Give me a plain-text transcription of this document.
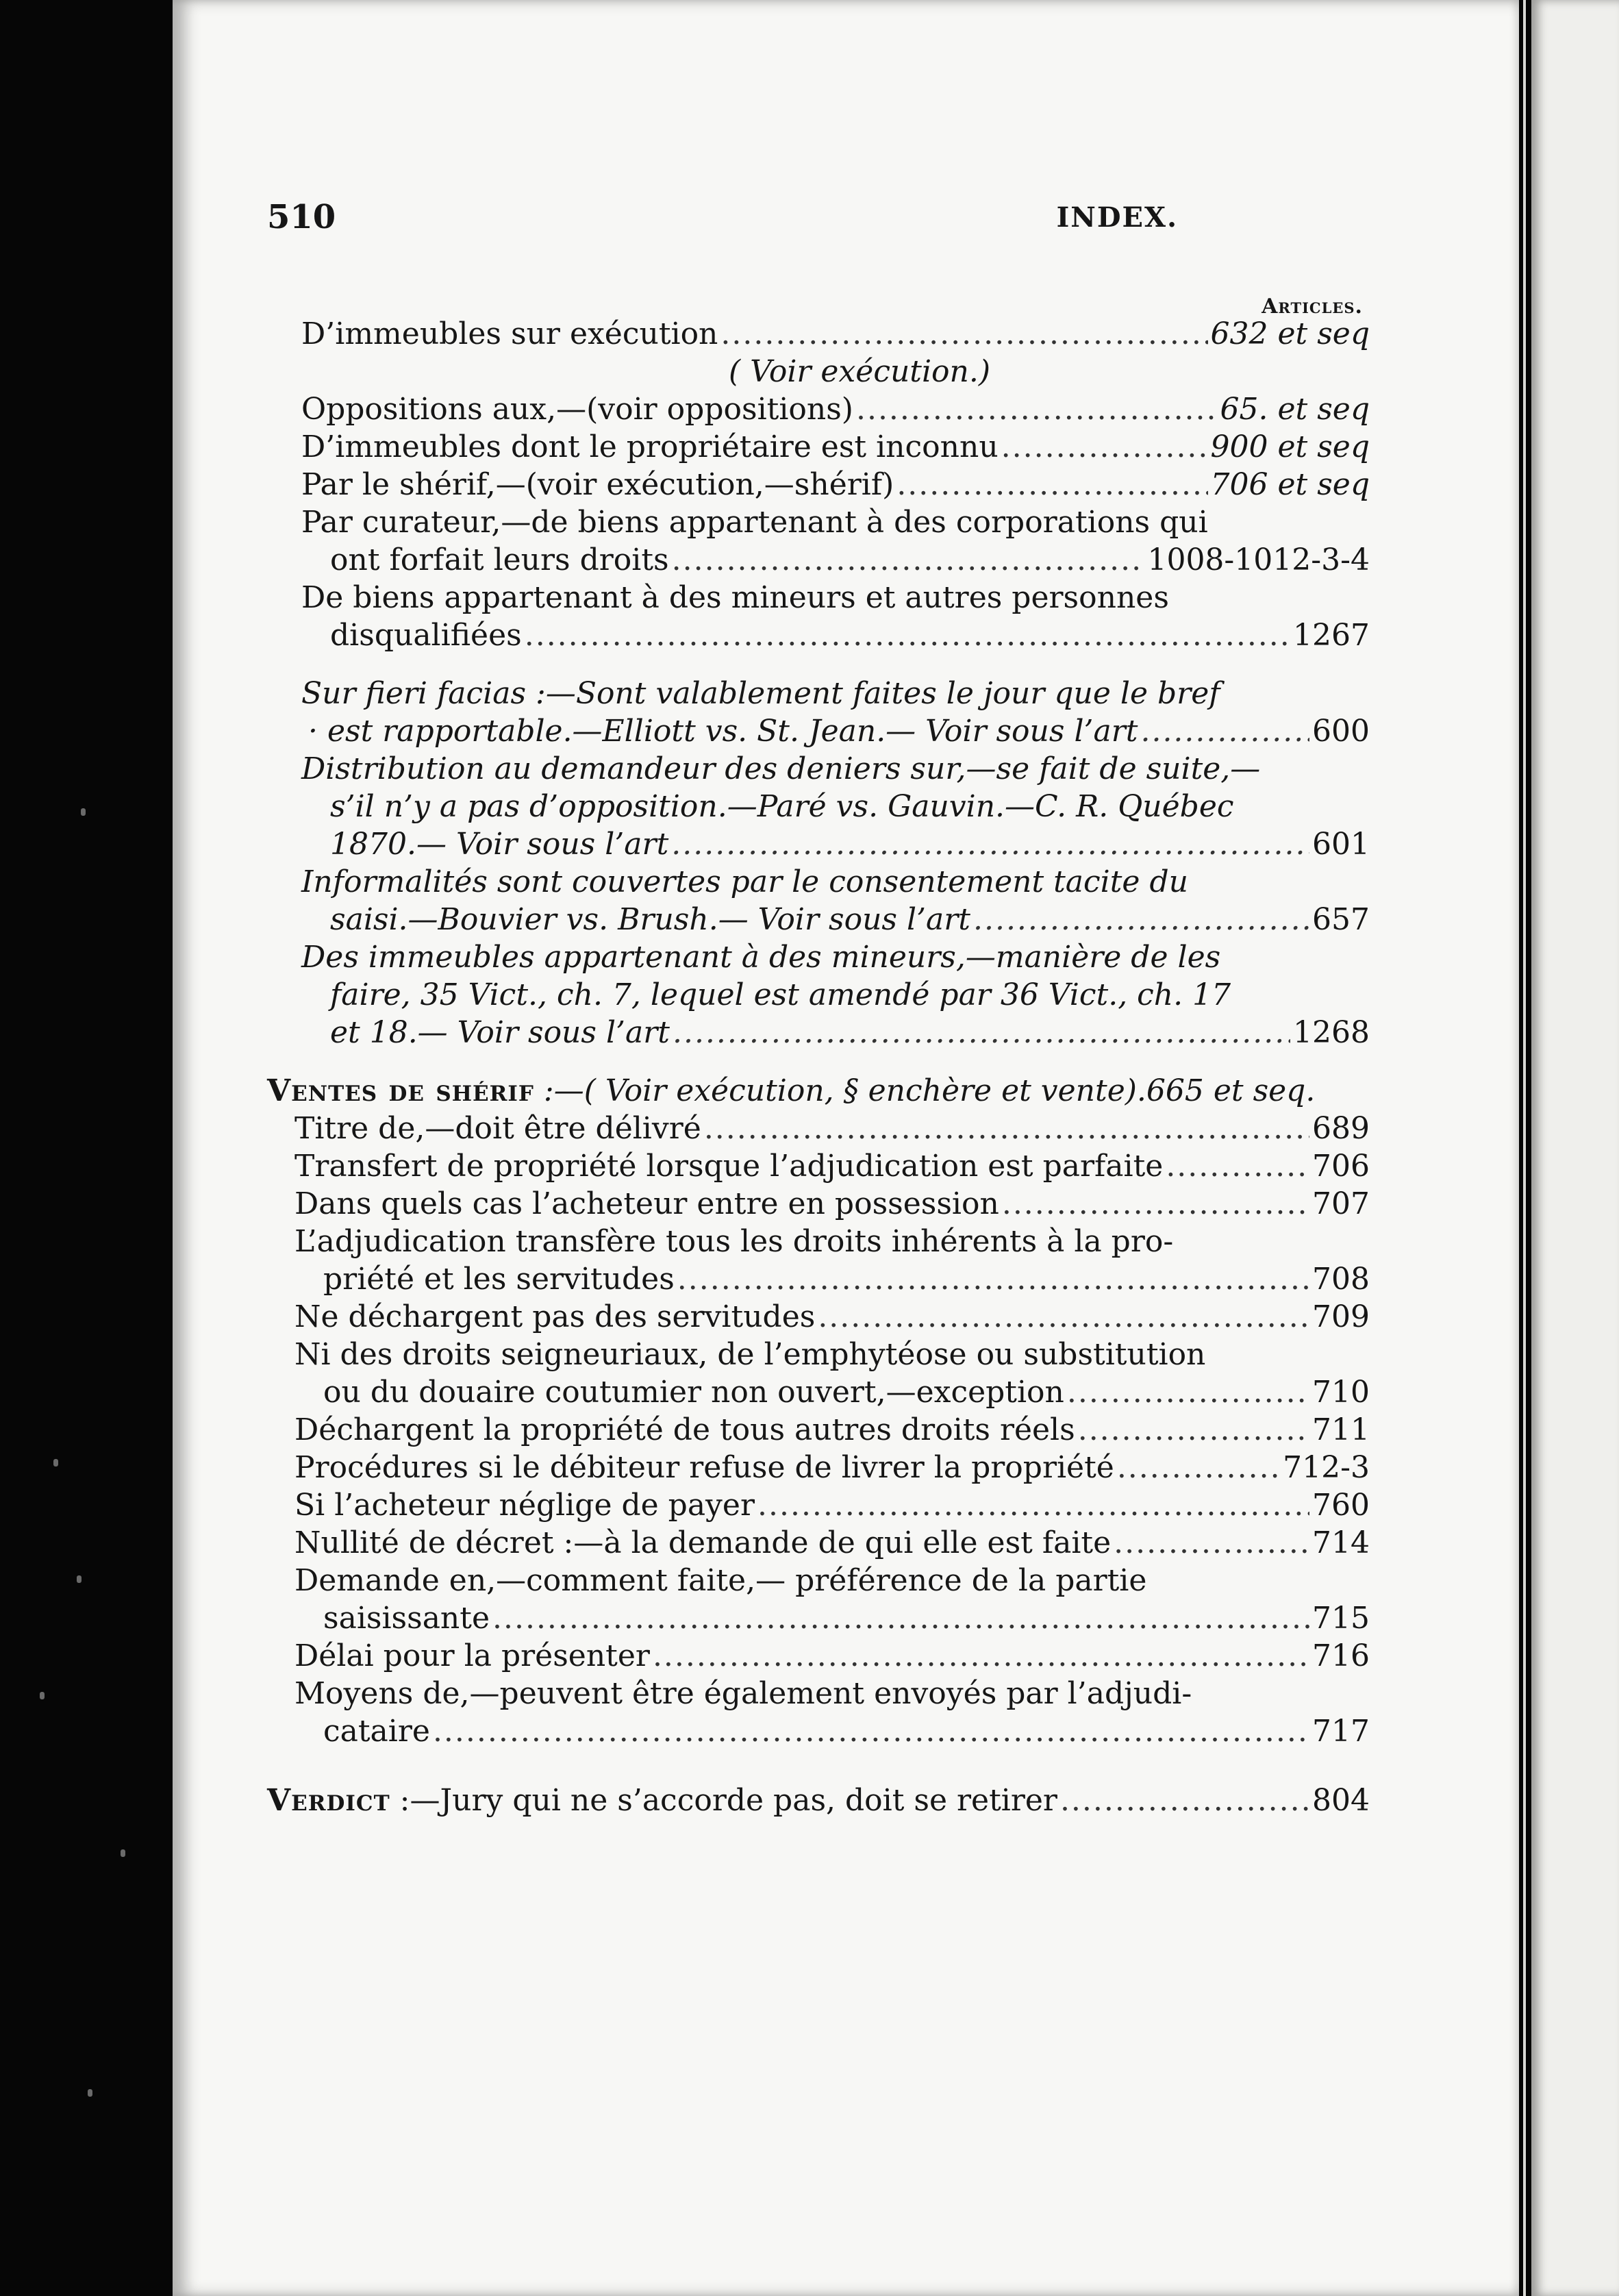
510	INDEX.
Articles.
D’immeubles sur exécution .....	632 et seq
( Voir exécution.)
Oppositions aux,—(voir oppositions) .....	65. et seq
D’immeubles dont le propriétaire est inconnu .....	900 et seq
Par le shérif,—(voir exécution,—shérif) .....	706 et seq
Par curateur,—de biens appartenant à des corporations qui
ont forfait leurs droits .....	1008-1012-3-4
De biens appartenant à des mineurs et autres personnes
disqualifiées .....	1267
Sur fieri facias :—Sont valablement faites le jour que le bref
· est rapportable.—Elliott vs. St. Jean.— Voir sous l’art .....	600
Distribution au demandeur des deniers sur,—se fait de suite,—
s’il n’y a pas d’opposition.—Paré vs. Gauvin.—C. R. Québec
1870.— Voir sous l’art .....	601
Informalités sont couvertes par le consentement tacite du
saisi.—Bouvier vs. Brush.— Voir sous l’art .....	657
Des immeubles appartenant à des mineurs,—manière de les
faire, 35 Vict., ch. 7, lequel est amendé par 36 Vict., ch. 17
et 18.— Voir sous l’art .....	1268
Ventes de shérif :—( Voir exécution, § enchère et vente).665 et seq.
Titre de,—doit être délivré .....	689
Transfert de propriété lorsque l’adjudication est parfaite .....	706
Dans quels cas l’acheteur entre en possession .....	707
L’adjudication transfère tous les droits inhérents à la pro-
priété et les servitudes .....	708
Ne déchargent pas des servitudes .....	709
Ni des droits seigneuriaux, de l’emphytéose ou substitution
ou du douaire coutumier non ouvert,—exception .....	710
Déchargent la propriété de tous autres droits réels .....	711
Procédures si le débiteur refuse de livrer la propriété .....	712-3
Si l’acheteur néglige de payer .....	760
Nullité de décret :—à la demande de qui elle est faite .....	714
Demande en,—comment faite,— préférence de la partie
saisissante .....	715
Délai pour la présenter .....	716
Moyens de,—peuvent être également envoyés par l’adjudi-
cataire .....	717
Verdict :—Jury qui ne s’accorde pas, doit se retirer .....	804
